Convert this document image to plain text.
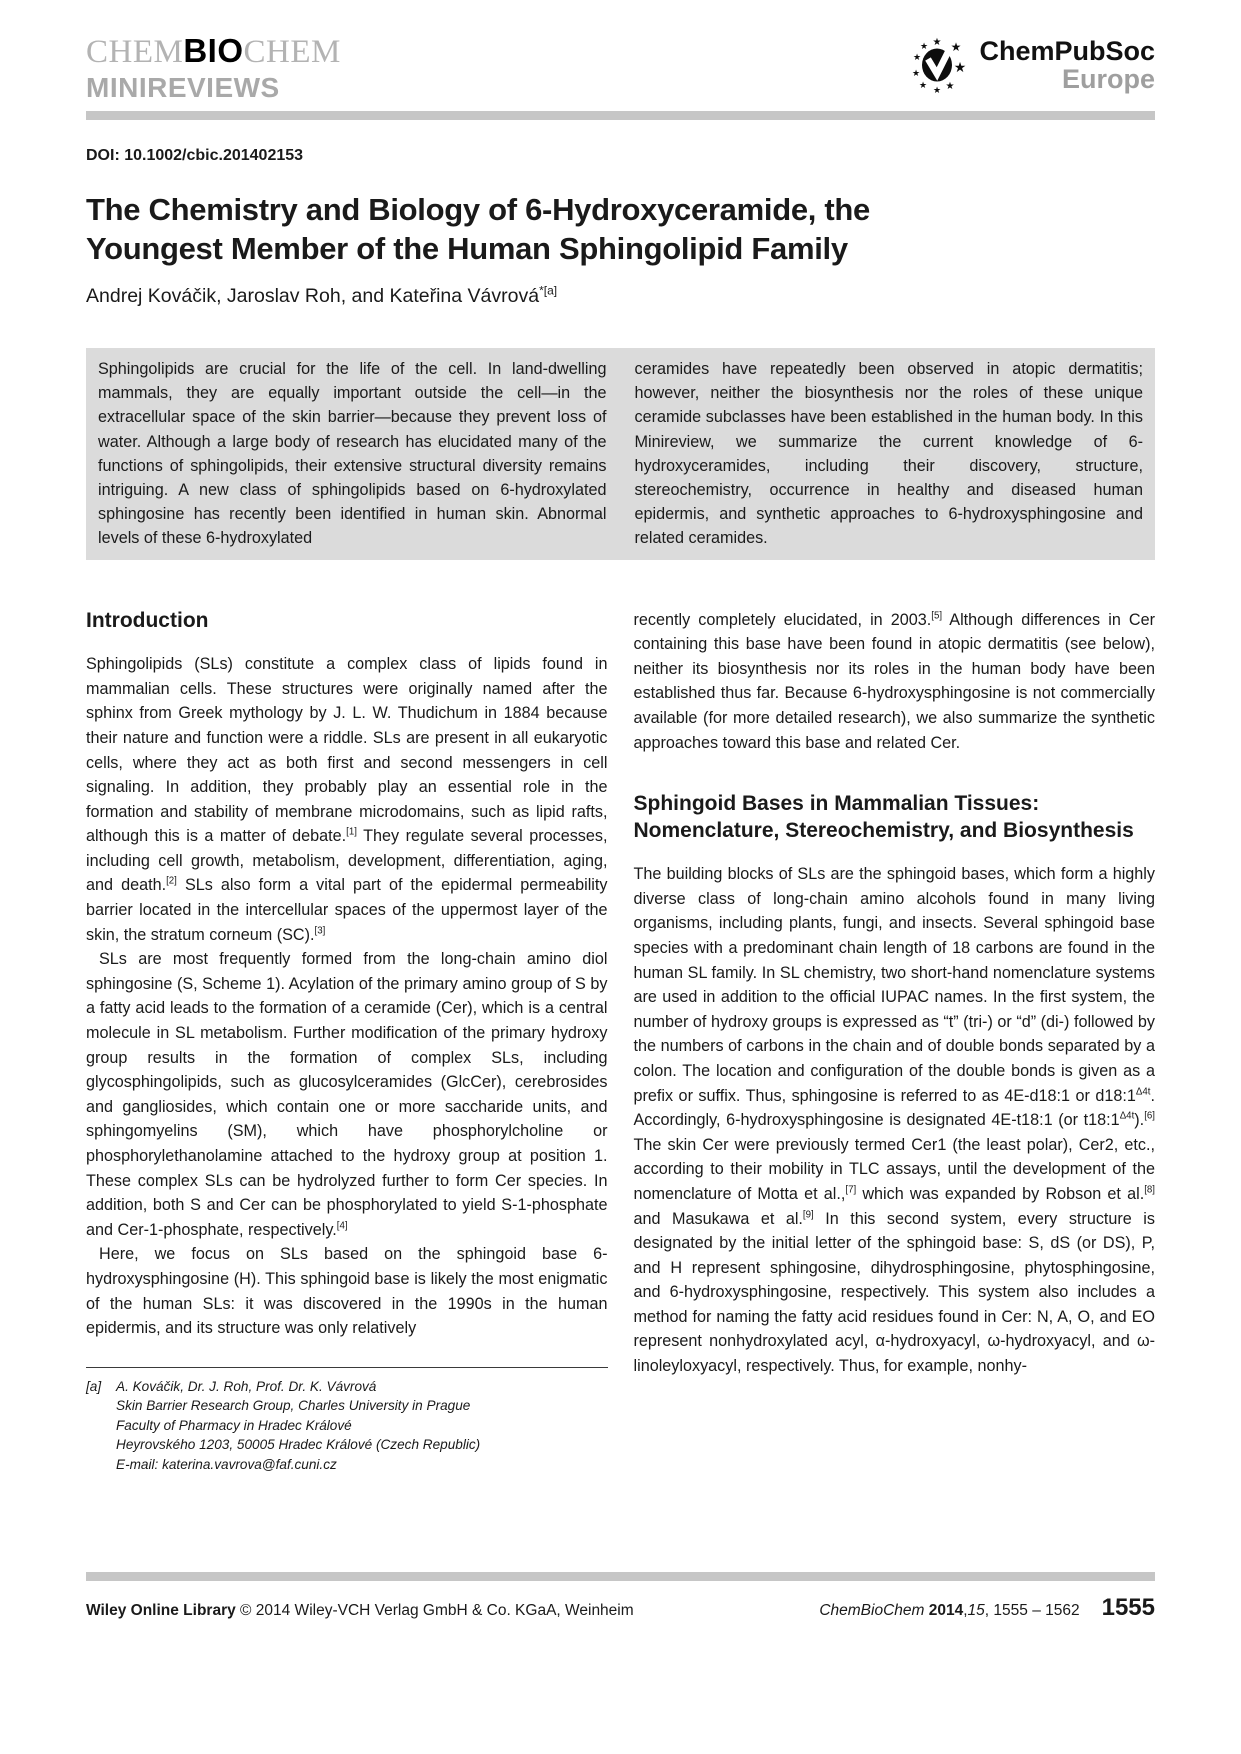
CHEMBIOCHEM
MINIREVIEWS
★
★
★
★
★ ★ ★
★
★
ChemPubSoc
Europe
DOI: 10.1002/cbic.201402153
The Chemistry and Biology of 6-Hydroxyceramide, the
Youngest Member of the Human Sphingolipid Family
Andrej Kováčik, Jaroslav Roh, and Kateřina Vávrová$^{*[a]}$

Sphingolipids are crucial for the life of the cell. In land-dwelling mammals, they are equally important outside the cell—in the extracellular space of the skin barrier—because they prevent loss of water. Although a large body of research has elucidated many of the functions of sphingolipids, their extensive structural diversity remains intriguing. A new class of sphingolipids based on 6-hydroxylated sphingosine has recently been identified in human skin. Abnormal levels of these 6-hydroxylated

ceramides have repeatedly been observed in atopic dermatitis; however, neither the biosynthesis nor the roles of these unique ceramide subclasses have been established in the human body. In this Minireview, we summarize the current knowledge of 6-hydroxyceramides, including their discovery, structure, stereochemistry, occurrence in healthy and diseased human epidermis, and synthetic approaches to 6-hydroxysphingosine and related ceramides.

Introduction

Sphingolipids (SLs) constitute a complex class of lipids found in mammalian cells. These structures were originally named after the sphinx from Greek mythology by J. L. W. Thudichum in 1884 because their nature and function were a riddle. SLs are present in all eukaryotic cells, where they act as both first and second messengers in cell signaling. In addition, they probably play an essential role in the formation and stability of membrane microdomains, such as lipid rafts, although this is a matter of debate.[1] They regulate several processes, including cell growth, metabolism, development, differentiation, aging, and death.[2] SLs also form a vital part of the epidermal permeability barrier located in the intercellular spaces of the uppermost layer of the skin, the stratum corneum (SC).[3]

SLs are most frequently formed from the long-chain amino diol sphingosine (S, Scheme 1). Acylation of the primary amino group of S by a fatty acid leads to the formation of a ceramide (Cer), which is a central molecule in SL metabolism. Further modification of the primary hydroxy group results in the formation of complex SLs, including glycosphingolipids, such as glucosylceramides (GlcCer), cerebrosides and gangliosides, which contain one or more saccharide units, and sphingomyelins (SM), which have phosphorylcholine or phosphorylethanolamine attached to the hydroxy group at position 1. These complex SLs can be hydrolyzed further to form Cer species. In addition, both S and Cer can be phosphorylated to yield S-1-phosphate and Cer-1-phosphate, respectively.[4]

Here, we focus on SLs based on the sphingoid base 6-hydroxysphingosine (H). This sphingoid base is likely the most enigmatic of the human SLs: it was discovered in the 1990s in the human epidermis, and its structure was only relatively

[a]	A. Kováčik, Dr. J. Roh, Prof. Dr. K. Vávrová
Skin Barrier Research Group, Charles University in Prague
Faculty of Pharmacy in Hradec Králové
Heyrovského 1203, 50005 Hradec Králové (Czech Republic)
E-mail: katerina.vavrova@faf.cuni.cz

recently completely elucidated, in 2003.[5] Although differences in Cer containing this base have been found in atopic dermatitis (see below), neither its biosynthesis nor its roles in the human body have been established thus far. Because 6-hydroxysphingosine is not commercially available (for more detailed research), we also summarize the synthetic approaches toward this base and related Cer.

Sphingoid Bases in Mammalian Tissues: Nomenclature, Stereochemistry, and Biosynthesis

The building blocks of SLs are the sphingoid bases, which form a highly diverse class of long-chain amino alcohols found in many living organisms, including plants, fungi, and insects. Several sphingoid base species with a predominant chain length of 18 carbons are found in the human SL family. In SL chemistry, two short-hand nomenclature systems are used in addition to the official IUPAC names. In the first system, the number of hydroxy groups is expressed as “t” (tri-) or “d” (di-) followed by the numbers of carbons in the chain and of double bonds separated by a colon. The location and configuration of the double bonds is given as a prefix or suffix. Thus, sphingosine is referred to as 4E-d18:1 or $d18:1^{\Delta 4t}$. Accordingly, 6-hydroxysphingosine is designated 4E-t18:1 (or $t18:1^{\Delta 4t}).[6]$ The skin Cer were previously termed Cer1 (the least polar), Cer2, etc., according to their mobility in TLC assays, until the development of the nomenclature of Motta et al.,[7] which was expanded by Robson et al.[8] and Masukawa et al.[9] In this second system, every structure is designated by the initial letter of the sphingoid base: S, dS (or DS), P, and H represent sphingosine, dihydrosphingosine, phytosphingosine, and 6-hydroxysphingosine, respectively. This system also includes a method for naming the fatty acid residues found in Cer: N, A, O, and EO represent nonhydroxylated acyl, α-hydroxyacyl, ω-hydroxyacyl, and ω-linoleyloxyacyl, respectively. Thus, for example, nonhy-

Wiley Online Library © 2014 Wiley-VCH Verlag GmbH & Co. KGaA, Weinheim	ChemBioChem
2014 , 15 , 1555 – 1562 1555
